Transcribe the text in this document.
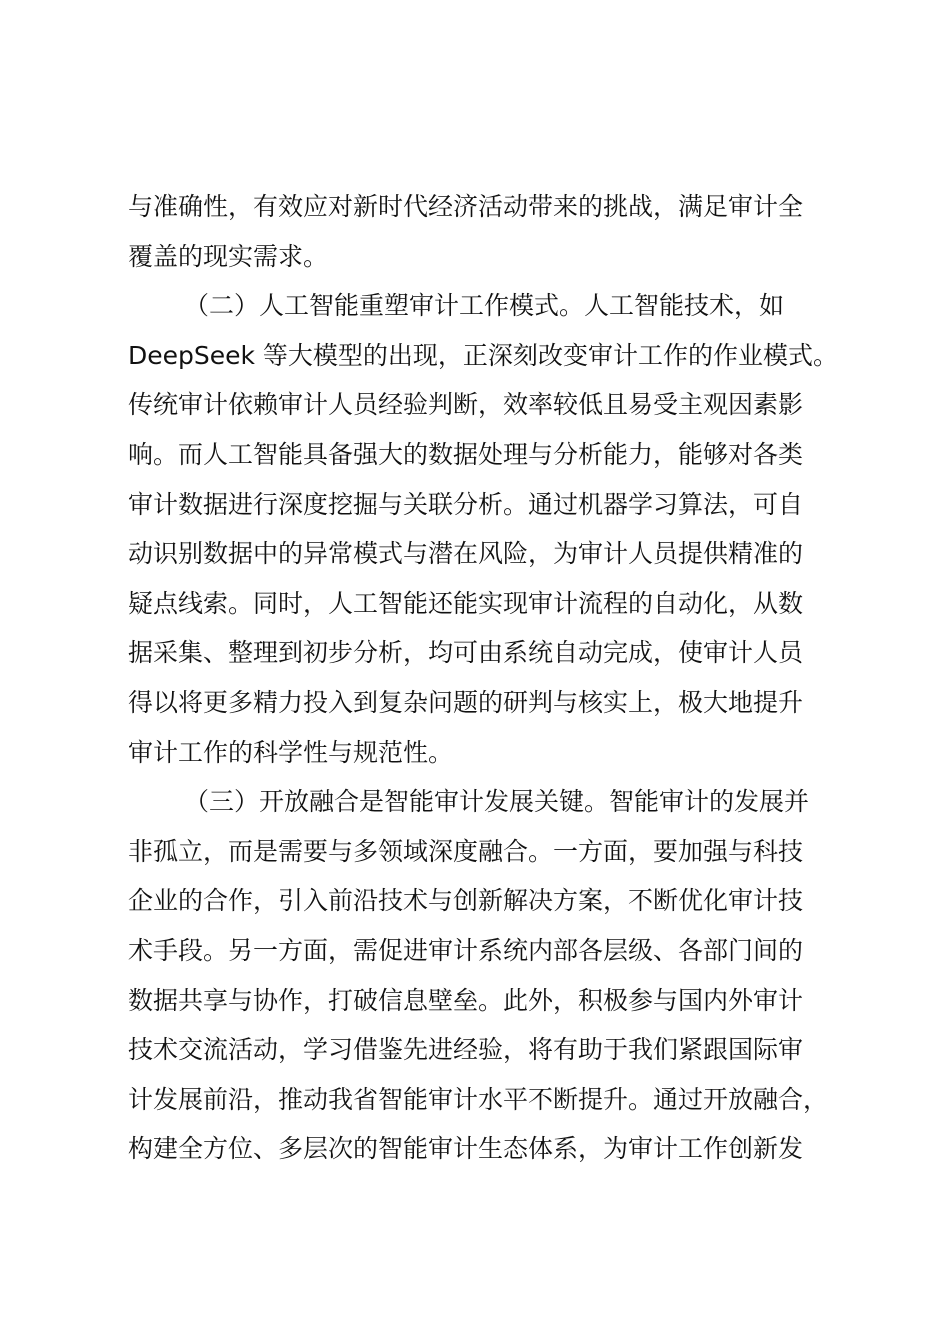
与准确性，有效应对新时代经济活动带来的挑战，满足审计全
覆盖的现实需求。
（二）人工智能重塑审计工作模式。人工智能技术，如
DeepSeek 等大模型的出现，正深刻改变审计工作的作业模式。
传统审计依赖审计人员经验判断，效率较低且易受主观因素影
响。而人工智能具备强大的数据处理与分析能力，能够对各类
审计数据进行深度挖掘与关联分析。通过机器学习算法，可自
动识别数据中的异常模式与潜在风险，为审计人员提供精准的
疑点线索。同时，人工智能还能实现审计流程的自动化，从数
据采集、整理到初步分析，均可由系统自动完成，使审计人员
得以将更多精力投入到复杂问题的研判与核实上，极大地提升
审计工作的科学性与规范性。
（三）开放融合是智能审计发展关键。智能审计的发展并
非孤立，而是需要与多领域深度融合。一方面，要加强与科技
企业的合作，引入前沿技术与创新解决方案，不断优化审计技
术手段。另一方面，需促进审计系统内部各层级、各部门间的
数据共享与协作，打破信息壁垒。此外，积极参与国内外审计
技术交流活动，学习借鉴先进经验，将有助于我们紧跟国际审
计发展前沿，推动我省智能审计水平不断提升。通过开放融合，
构建全方位、多层次的智能审计生态体系，为审计工作创新发
